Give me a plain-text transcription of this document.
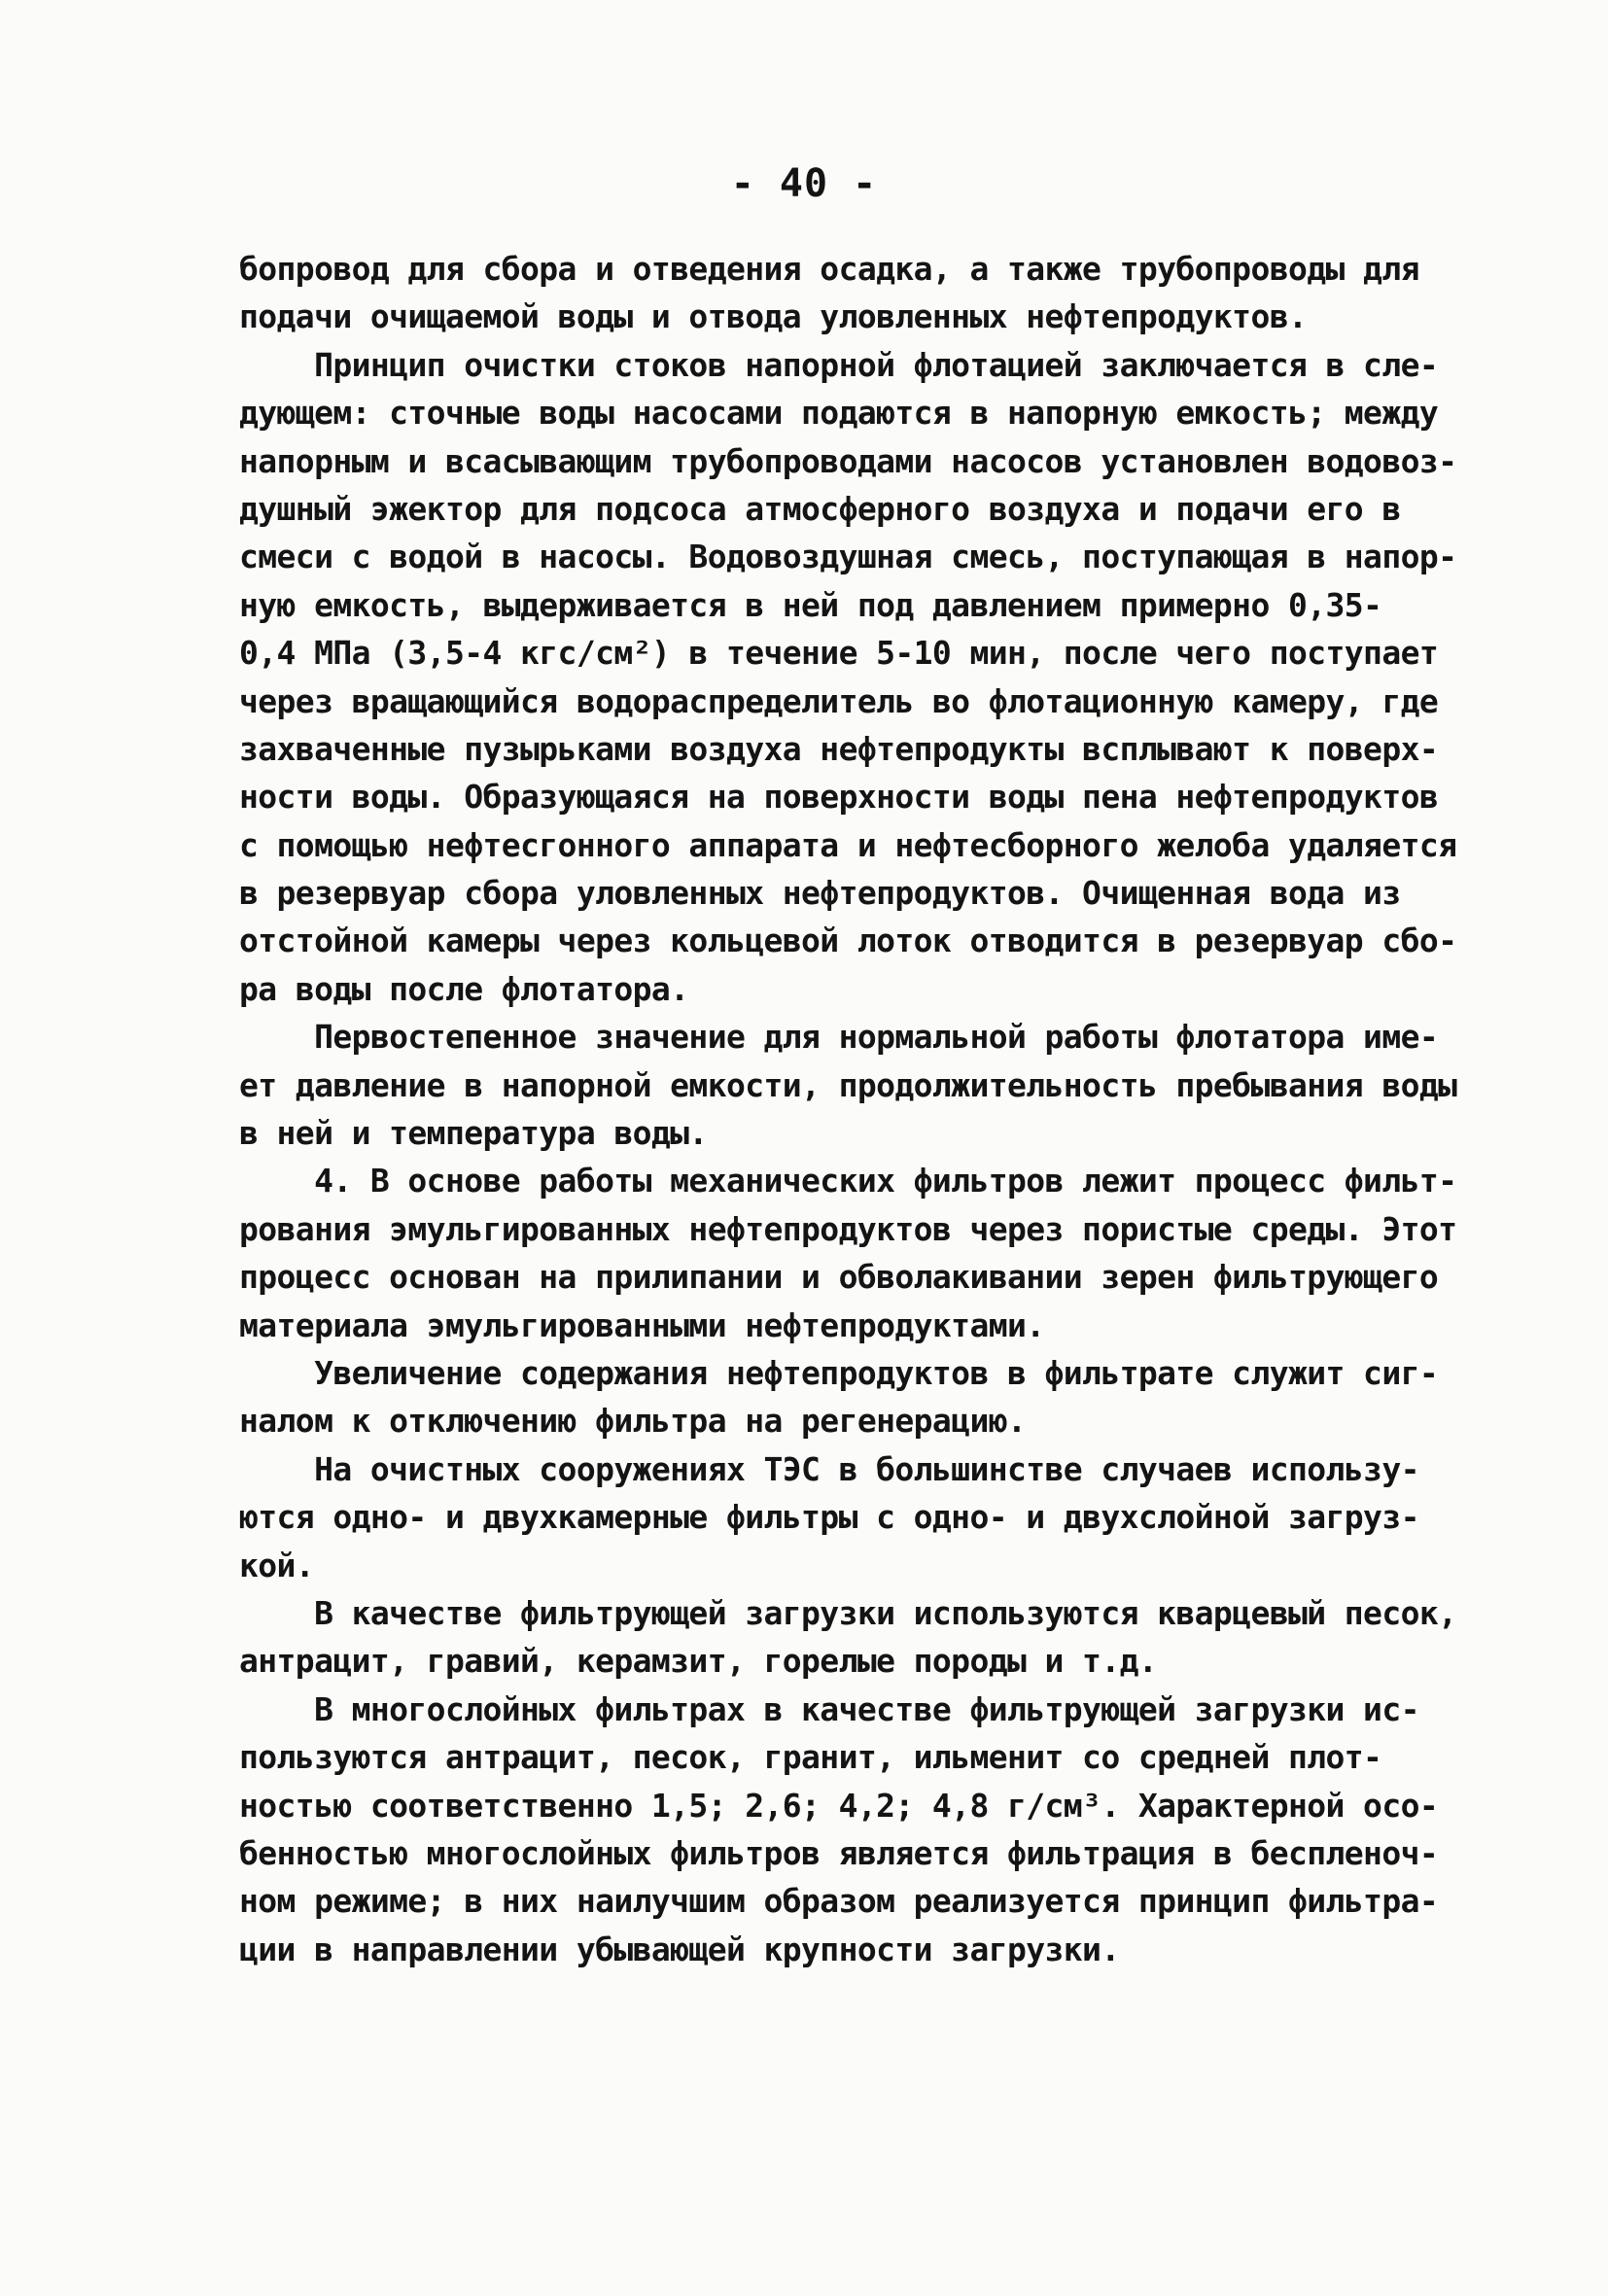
- 40 -
бопровод для сбора и отведения осадка, а также трубопроводы для
подачи очищаемой воды и отвода уловленных нефтепродуктов.
Принцип очистки стоков напорной флотацией заключается в сле-
дующем: сточные воды насосами подаются в напорную емкость; между
напорным и всасывающим трубопроводами насосов установлен водовоз-
душный эжектор для подсоса атмосферного воздуха и подачи его в
смеси с водой в насосы. Водовоздушная смесь, поступающая в напор-
ную емкость, выдерживается в ней под давлением примерно 0,35-
0,4 МПа (3,5-4 кгс/см²) в течение 5-10 мин, после чего поступает
через вращающийся водораспределитель во флотационную камеру, где
захваченные пузырьками воздуха нефтепродукты всплывают к поверх-
ности воды. Образующаяся на поверхности воды пена нефтепродуктов
с помощью нефтесгонного аппарата и нефтесборного желоба удаляется
в резервуар сбора уловленных нефтепродуктов. Очищенная вода из
отстойной камеры через кольцевой лоток отводится в резервуар сбо-
ра воды после флотатора.
Первостепенное значение для нормальной работы флотатора име-
ет давление в напорной емкости, продолжительность пребывания воды
в ней и температура воды.
4. В основе работы механических фильтров лежит процесс фильт-
рования эмульгированных нефтепродуктов через пористые среды. Этот
процесс основан на прилипании и обволакивании зерен фильтрующего
материала эмульгированными нефтепродуктами.
Увеличение содержания нефтепродуктов в фильтрате служит сиг-
налом к отключению фильтра на регенерацию.
На очистных сооружениях ТЭС в большинстве случаев использу-
ются одно- и двухкамерные фильтры с одно- и двухслойной загруз-
кой.
В качестве фильтрующей загрузки используются кварцевый песок,
антрацит, гравий, керамзит, горелые породы и т.д.
В многослойных фильтрах в качестве фильтрующей загрузки ис-
пользуются антрацит, песок, гранит, ильменит со средней плот-
ностью соответственно 1,5; 2,6; 4,2; 4,8 г/см³. Характерной осо-
бенностью многослойных фильтров является фильтрация в беспленоч-
ном режиме; в них наилучшим образом реализуется принцип фильтра-
ции в направлении убывающей крупности загрузки.
